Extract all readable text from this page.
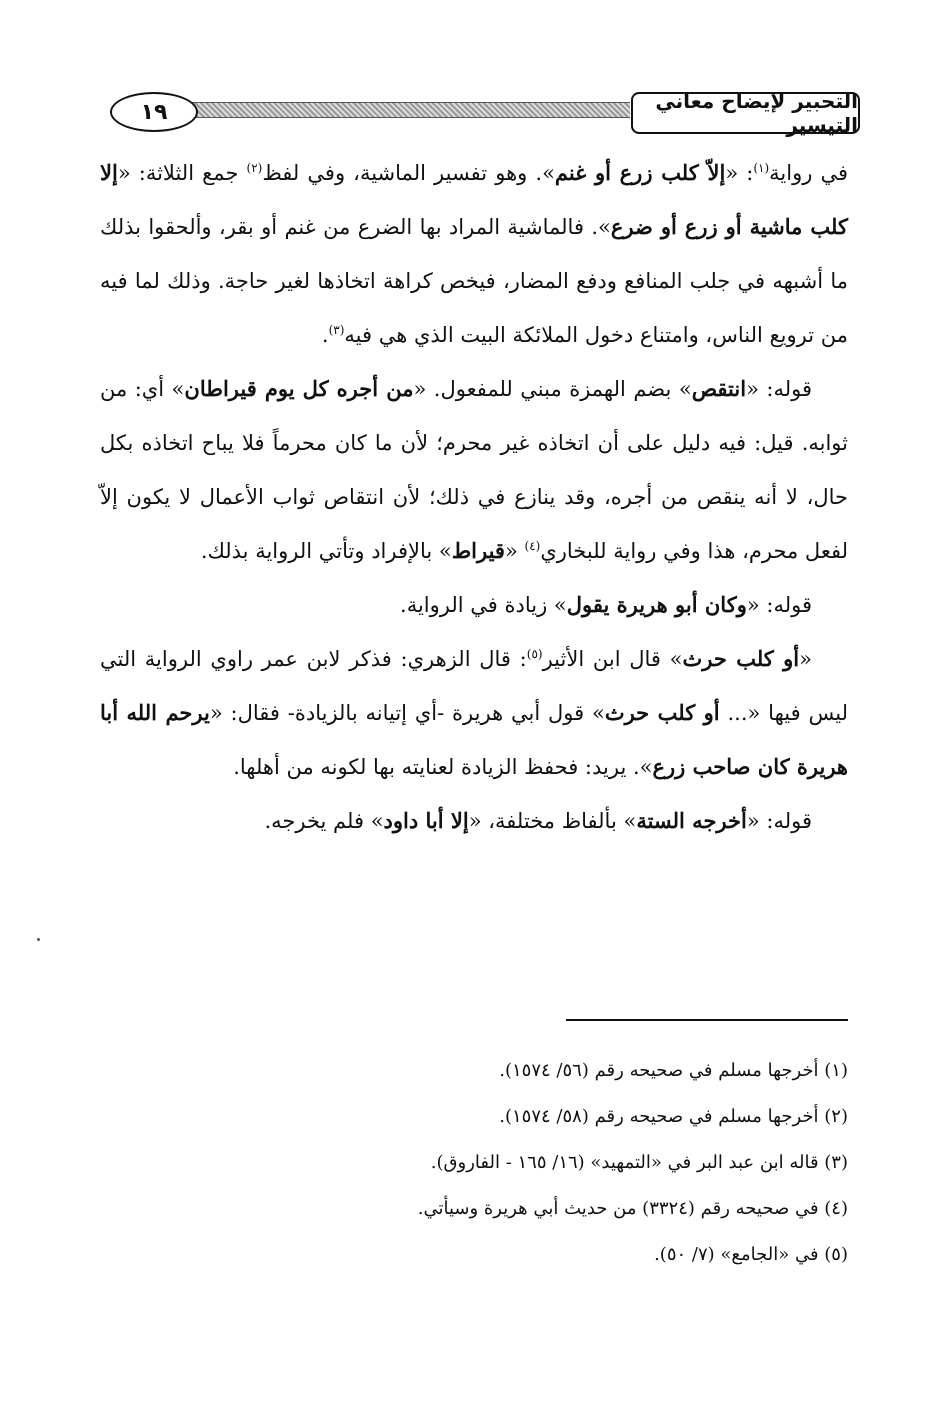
١٩	التحبير لإيضاح معاني التيسير

في رواية$^{(١)}$: «إلاّ كلب زرع أو غنم». وهو تفسير الماشية، وفي لفظ$^{(٢)}$ جمع الثلاثة: «إلا كلب ماشية أو زرع أو ضرع». فالماشية المراد بها الضرع من غنم أو بقر، وألحقوا بذلك ما أشبهه في جلب المنافع ودفع المضار، فيخص كراهة اتخاذها لغير حاجة. وذلك لما فيه من ترويع الناس، وامتناع دخول الملائكة البيت الذي هي فيه$^{(٣)}$.

قوله: «انتقص» بضم الهمزة مبني للمفعول. «من أجره كل يوم قيراطان» أي: من ثوابه. قيل: فيه دليل على أن اتخاذه غير محرم؛ لأن ما كان محرماً فلا يباح اتخاذه بكل حال، لا أنه ينقص من أجره، وقد ينازع في ذلك؛ لأن انتقاص ثواب الأعمال لا يكون إلاّ لفعل محرم، هذا وفي رواية للبخاري$^{(٤)}$ «قيراط» بالإفراد وتأتي الرواية بذلك.

قوله: «وكان أبو هريرة يقول» زيادة في الرواية.

«أو كلب حرث» قال ابن الأثير$^{(٥)}$: قال الزهري: فذكر لابن عمر راوي الرواية التي ليس فيها «... أو كلب حرث» قول أبي هريرة -أي إتيانه بالزيادة- فقال: «يرحم الله أبا هريرة كان صاحب زرع». يريد: فحفظ الزيادة لعنايته بها لكونه من أهلها.

قوله: «أخرجه الستة» بألفاظ مختلفة، «إلا أبا داود» فلم يخرجه.

(١) أخرجها مسلم في صحيحه رقم (٥٦/ ١٥٧٤).
(٢) أخرجها مسلم في صحيحه رقم (٥٨/ ١٥٧٤).
(٣) قاله ابن عبد البر في «التمهيد» (١٦/ ١٦٥ - الفاروق).
(٤) في صحيحه رقم (٣٣٢٤) من حديث أبي هريرة وسيأتي.
(٥) في «الجامع» (٧/ ٥٠).
